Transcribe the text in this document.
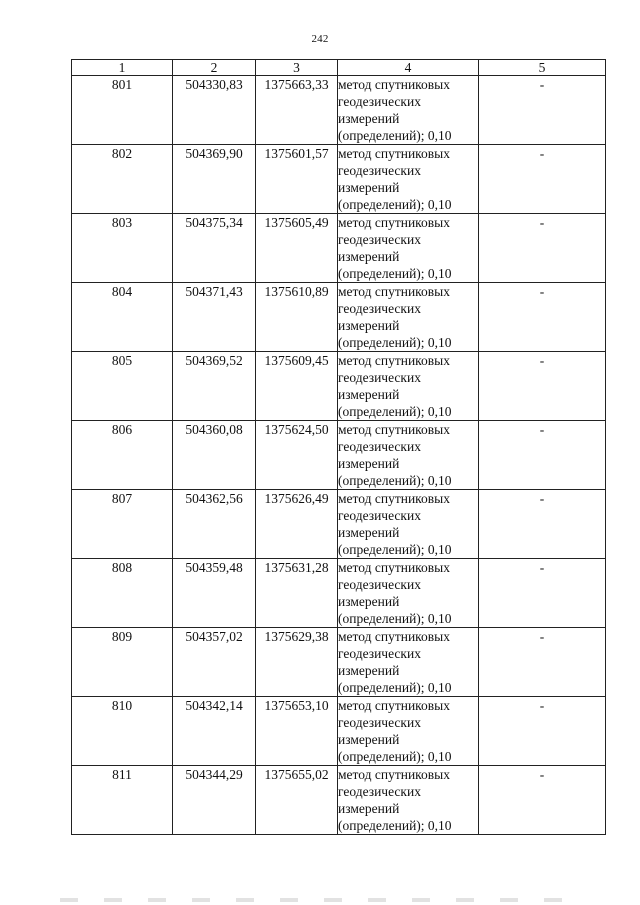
242
1	2	3	4	5
801	504330,83	1375663,33	метод спутниковых
геодезических
измерений
(определений); 0,10	-
802	504369,90	1375601,57	метод спутниковых
геодезических
измерений
(определений); 0,10	-
803	504375,34	1375605,49	метод спутниковых
геодезических
измерений
(определений); 0,10	-
804	504371,43	1375610,89	метод спутниковых
геодезических
измерений
(определений); 0,10	-
805	504369,52	1375609,45	метод спутниковых
геодезических
измерений
(определений); 0,10	-
806	504360,08	1375624,50	метод спутниковых
геодезических
измерений
(определений); 0,10	-
807	504362,56	1375626,49	метод спутниковых
геодезических
измерений
(определений); 0,10	-
808	504359,48	1375631,28	метод спутниковых
геодезических
измерений
(определений); 0,10	-
809	504357,02	1375629,38	метод спутниковых
геодезических
измерений
(определений); 0,10	-
810	504342,14	1375653,10	метод спутниковых
геодезических
измерений
(определений); 0,10	-
811	504344,29	1375655,02	метод спутниковых
геодезических
измерений
(определений); 0,10	-
